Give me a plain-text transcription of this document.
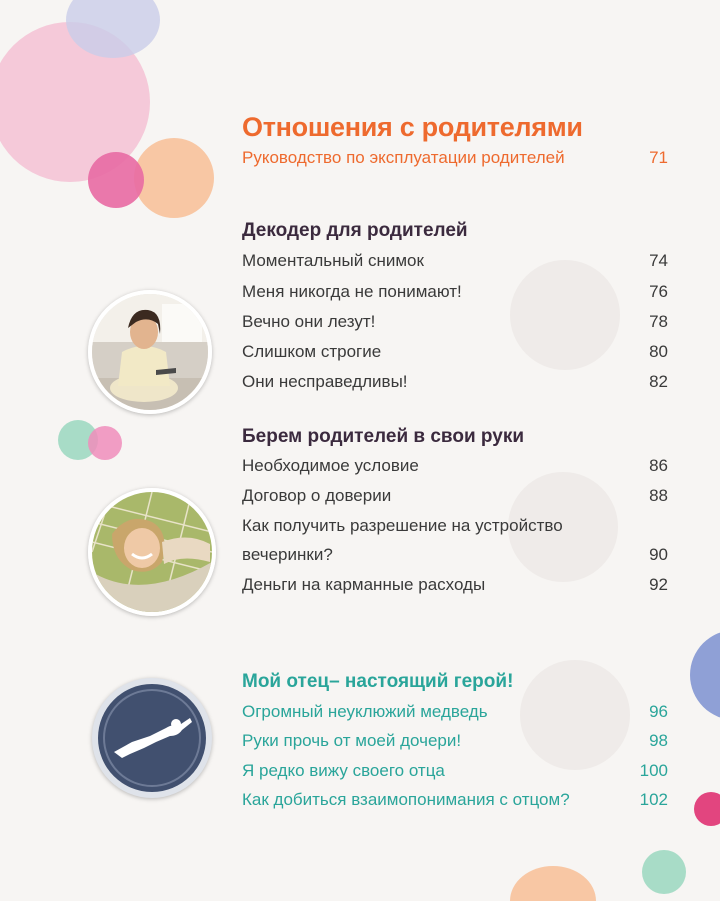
Отношения с родителями
Руководство по эксплуатации родителей	71
Декодер для родителей
Моментальный снимок	74
Меня никогда не понимают!	76
Вечно они лезут!	78
Слишком строгие	80
Они несправедливы!	82
Берем родителей в свои руки
Необходимое условие	86
Договор о доверии	88
Как получить разрешение на устройство
вечеринки?	90
Деньги на карманные расходы	92
Мой отец– настоящий герой!
Огромный неуклюжий медведь	96
Руки прочь от моей дочери!	98
Я редко вижу своего отца	100
Как добиться взаимопонимания с отцом?	102
